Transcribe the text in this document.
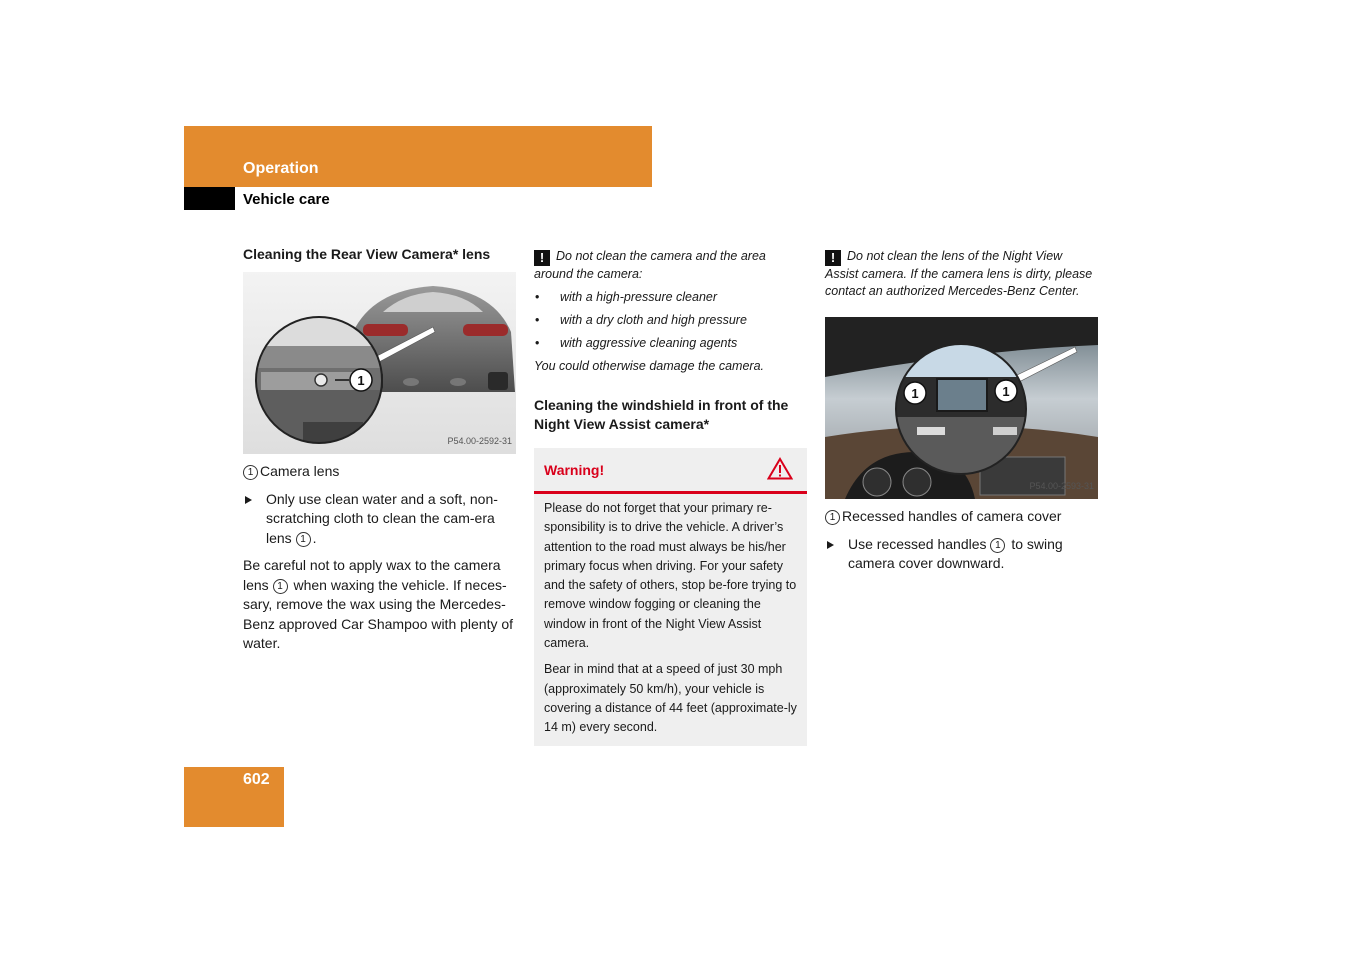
Operation
Vehicle care
Cleaning the Rear View Camera* lens
1
P54.00-2592-31
1 Camera lens
Only use clean water and a soft, non-scratching cloth to clean the cam-era lens 1 .

Be careful not to apply wax to the camera lens 1 when waxing the vehicle. If neces-sary, remove the wax using the Mercedes-Benz approved Car Shampoo with plenty of water.

! Do not clean the camera and the area around the camera:
• with a high-pressure cleaner
• with a dry cloth and high pressure
• with aggressive cleaning agents

You could otherwise damage the camera.

Cleaning the windshield in front of the Night View Assist camera*
Warning!

Please do not forget that your primary re-sponsibility is to drive the vehicle. A driver’s attention to the road must always be his/her primary focus when driving. For your safety and the safety of others, stop be-fore trying to remove window fogging or cleaning the window in front of the Night View Assist camera.

Bear in mind that at a speed of just 30 mph (approximately 50 km/h), your vehicle is covering a distance of 44 feet (approximate-ly 14 m) every second.

! Do not clean the lens of the Night View Assist camera. If the camera lens is dirty, please contact an authorized Mercedes-Benz Center.
1	1
P54.00-2593-31
1 Recessed handles of camera cover
Use recessed handles 1 to swing camera cover downward.
602
